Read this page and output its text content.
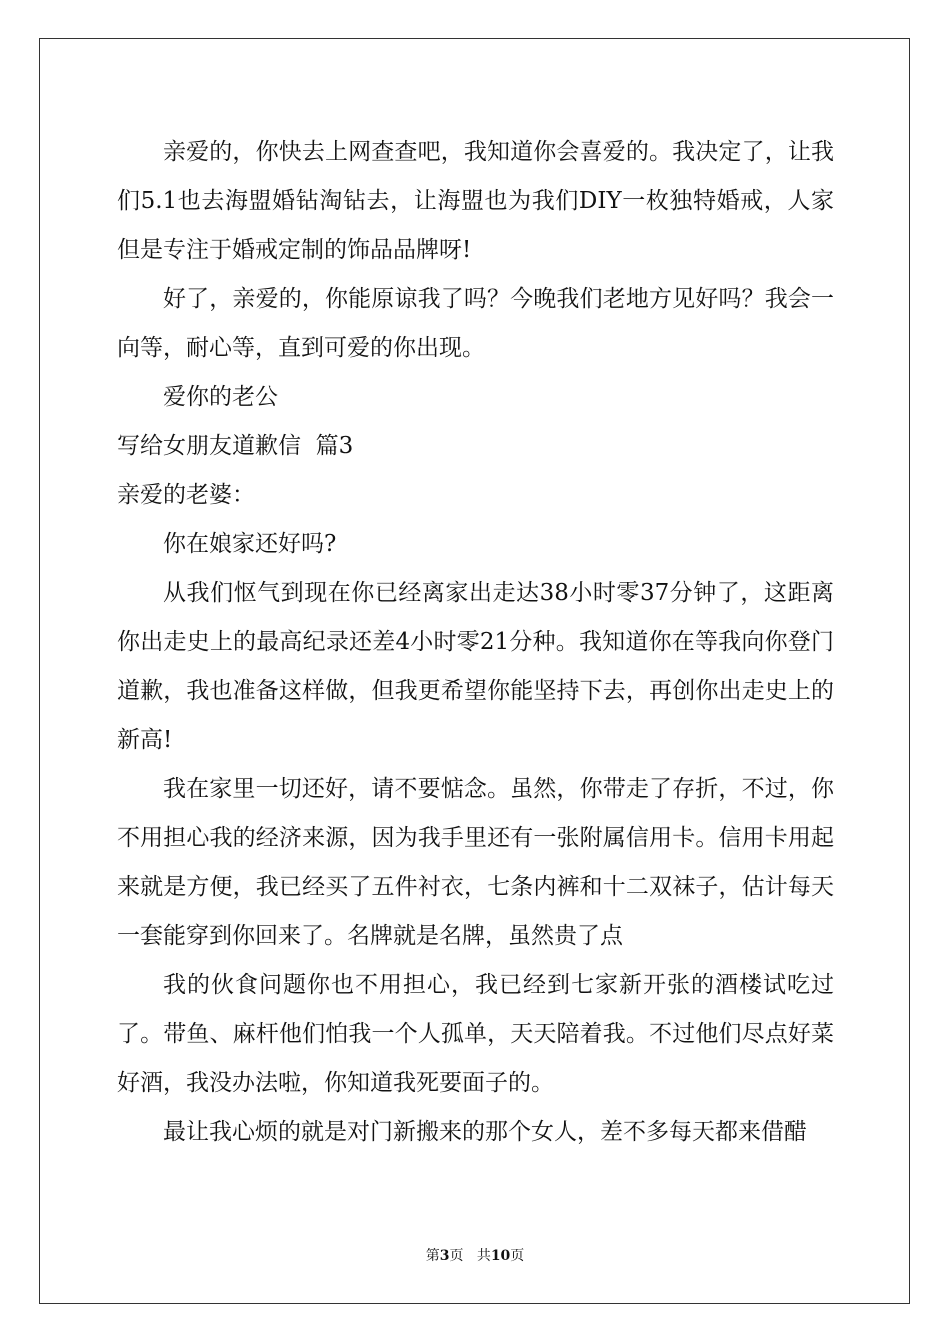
亲爱的，你快去上网查查吧，我知道你会喜爱的。我决定了，让我们5.1也去海盟婚钻淘钻去，让海盟也为我们DIY一枚独特婚戒，人家但是专注于婚戒定制的饰品品牌呀!

好了，亲爱的，你能原谅我了吗？今晚我们老地方见好吗？我会一向等，耐心等，直到可爱的你出现。

爱你的老公

写给女朋友道歉信  篇3

亲爱的老婆：

你在娘家还好吗?

从我们怄气到现在你已经离家出走达38小时零37分钟了，这距离你出走史上的最高纪录还差4小时零21分种。我知道你在等我向你登门道歉，我也准备这样做，但我更希望你能坚持下去，再创你出走史上的新高!

我在家里一切还好，请不要惦念。虽然，你带走了存折，不过，你不用担心我的经济来源，因为我手里还有一张附属信用卡。信用卡用起来就是方便，我已经买了五件衬衣，七条内裤和十二双袜子，估计每天一套能穿到你回来了。名牌就是名牌，虽然贵了点

我的伙食问题你也不用担心，我已经到七家新开张的酒楼试吃过了。带鱼、麻杆他们怕我一个人孤单，天天陪着我。不过他们尽点好菜好酒，我没办法啦，你知道我死要面子的。

最让我心烦的就是对门新搬来的那个女人，差不多每天都来借醋

第3页 共10页
